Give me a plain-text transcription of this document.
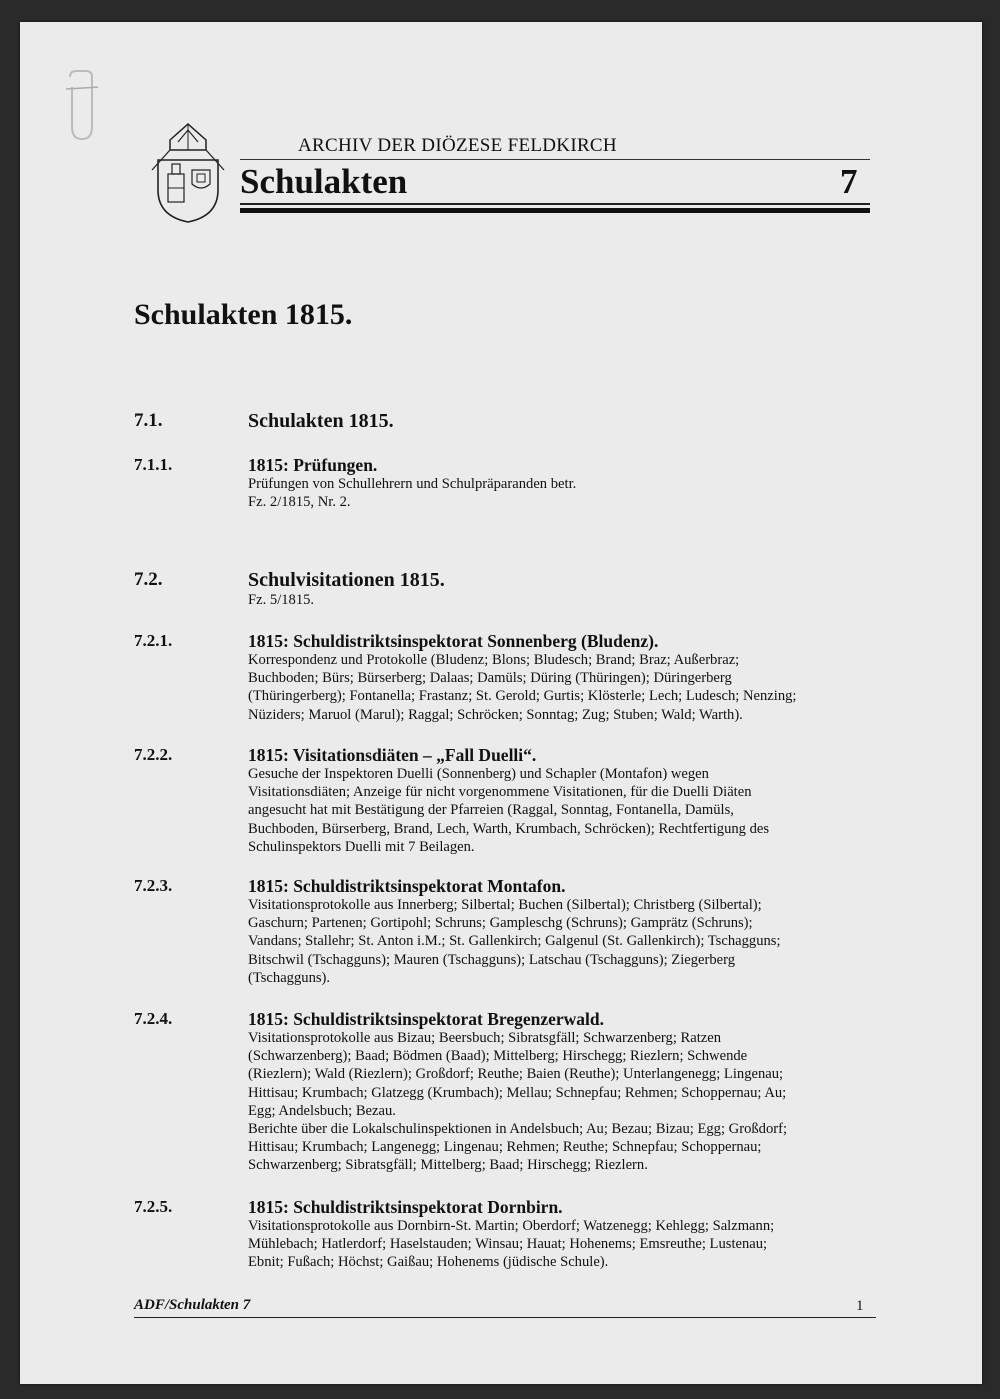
ARCHIV DER DIÖZESE FELDKIRCH
Schulakten	7
Schulakten 1815.
7.1.	Schulakten 1815.
7.1.1.	1815: Prüfungen.
Prüfungen von Schullehrern und Schulpräparanden betr.
Fz. 2/1815, Nr. 2.
7.2.	Schulvisitationen 1815.
Fz. 5/1815.
7.2.1.	1815: Schuldistriktsinspektorat Sonnenberg (Bludenz).
Korrespondenz und Protokolle (Bludenz; Blons; Bludesch; Brand; Braz; Außerbraz;
Buchboden; Bürs; Bürserberg; Dalaas; Damüls; Düring (Thüringen); Düringerberg
(Thüringerberg); Fontanella; Frastanz; St. Gerold; Gurtis; Klösterle; Lech; Ludesch; Nenzing;
Nüziders; Maruol (Marul); Raggal; Schröcken; Sonntag; Zug; Stuben; Wald; Warth).
7.2.2.	1815: Visitationsdiäten – „Fall Duelli“.
Gesuche der Inspektoren Duelli (Sonnenberg) und Schapler (Montafon) wegen
Visitationsdiäten; Anzeige für nicht vorgenommene Visitationen, für die Duelli Diäten
angesucht hat mit Bestätigung der Pfarreien (Raggal, Sonntag, Fontanella, Damüls,
Buchboden, Bürserberg, Brand, Lech, Warth, Krumbach, Schröcken); Rechtfertigung des
Schulinspektors Duelli mit 7 Beilagen.
7.2.3.	1815: Schuldistriktsinspektorat Montafon.
Visitationsprotokolle aus Innerberg; Silbertal; Buchen (Silbertal); Christberg (Silbertal);
Gaschurn; Partenen; Gortipohl; Schruns; Gampleschg (Schruns); Gamprätz (Schruns);
Vandans; Stallehr; St. Anton i.M.; St. Gallenkirch; Galgenul (St. Gallenkirch); Tschagguns;
Bitschwil (Tschagguns); Mauren (Tschagguns); Latschau (Tschagguns); Ziegerberg
(Tschagguns).
7.2.4.	1815: Schuldistriktsinspektorat Bregenzerwald.
Visitationsprotokolle aus Bizau; Beersbuch; Sibratsgfäll; Schwarzenberg; Ratzen
(Schwarzenberg); Baad; Bödmen (Baad); Mittelberg; Hirschegg; Riezlern; Schwende
(Riezlern); Wald (Riezlern); Großdorf; Reuthe; Baien (Reuthe); Unterlangenegg; Lingenau;
Hittisau; Krumbach; Glatzegg (Krumbach); Mellau; Schnepfau; Rehmen; Schoppernau; Au;
Egg; Andelsbuch; Bezau.
Berichte über die Lokalschulinspektionen in Andelsbuch; Au; Bezau; Bizau; Egg; Großdorf;
Hittisau; Krumbach; Langenegg; Lingenau; Rehmen; Reuthe; Schnepfau; Schoppernau;
Schwarzenberg; Sibratsgfäll; Mittelberg; Baad; Hirschegg; Riezlern.
7.2.5.	1815: Schuldistriktsinspektorat Dornbirn.
Visitationsprotokolle aus Dornbirn-St. Martin; Oberdorf; Watzenegg; Kehlegg; Salzmann;
Mühlebach; Hatlerdorf; Haselstauden; Winsau; Hauat; Hohenems; Emsreuthe; Lustenau;
Ebnit; Fußach; Höchst; Gaißau; Hohenems (jüdische Schule).
ADF/Schulakten 7	1
